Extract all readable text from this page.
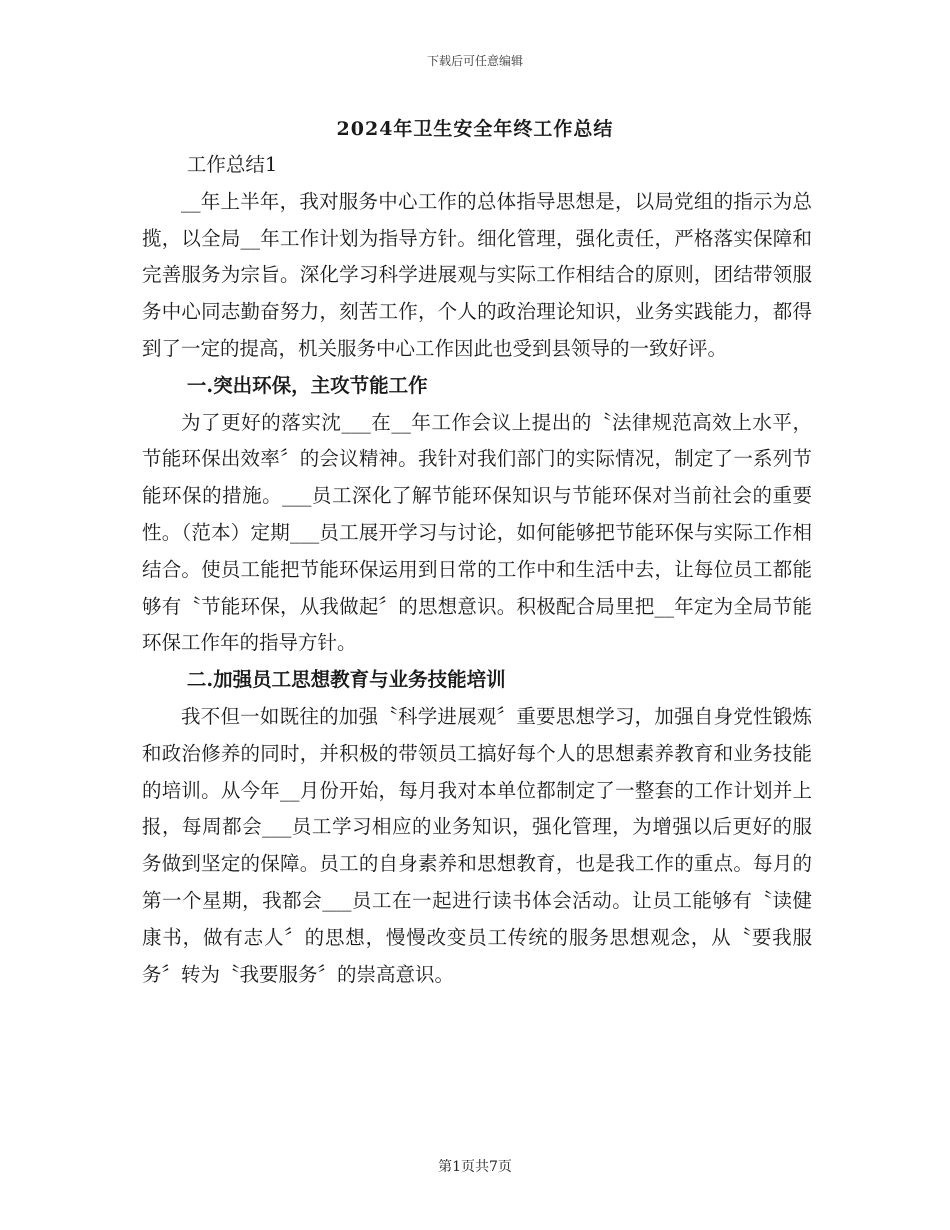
下载后可任意编辑
2024年卫生安全年终工作总结

工作总结1

__年上半年，我对服务中心工作的总体指导思想是，以局党组的指示为总揽，以全局__年工作计划为指导方针。细化管理，强化责任，严格落实保障和完善服务为宗旨。深化学习科学进展观与实际工作相结合的原则，团结带领服务中心同志勤奋努力，刻苦工作，个人的政治理论知识，业务实践能力，都得到了一定的提高，机关服务中心工作因此也受到县领导的一致好评。

一.突出环保，主攻节能工作

为了更好的落实沈___在__年工作会议上提出的〝法律规范高效上水平，节能环保出效率〞的会议精神。我针对我们部门的实际情况，制定了一系列节能环保的措施。___员工深化了解节能环保知识与节能环保对当前社会的重要性。（范本）定期___员工展开学习与讨论，如何能够把节能环保与实际工作相结合。使员工能把节能环保运用到日常的工作中和生活中去，让每位员工都能够有〝节能环保，从我做起〞的思想意识。积极配合局里把__年定为全局节能环保工作年的指导方针。

二.加强员工思想教育与业务技能培训

我不但一如既往的加强〝科学进展观〞重要思想学习，加强自身党性锻炼和政治修养的同时，并积极的带领员工搞好每个人的思想素养教育和业务技能的培训。从今年__月份开始，每月我对本单位都制定了一整套的工作计划并上报，每周都会___员工学习相应的业务知识，强化管理，为增强以后更好的服务做到坚定的保障。员工的自身素养和思想教育，也是我工作的重点。每月的第一个星期，我都会___员工在一起进行读书体会活动。让员工能够有〝读健康书，做有志人〞的思想，慢慢改变员工传统的服务思想观念，从〝要我服务〞转为〝我要服务〞的崇高意识。

第1页共7页
